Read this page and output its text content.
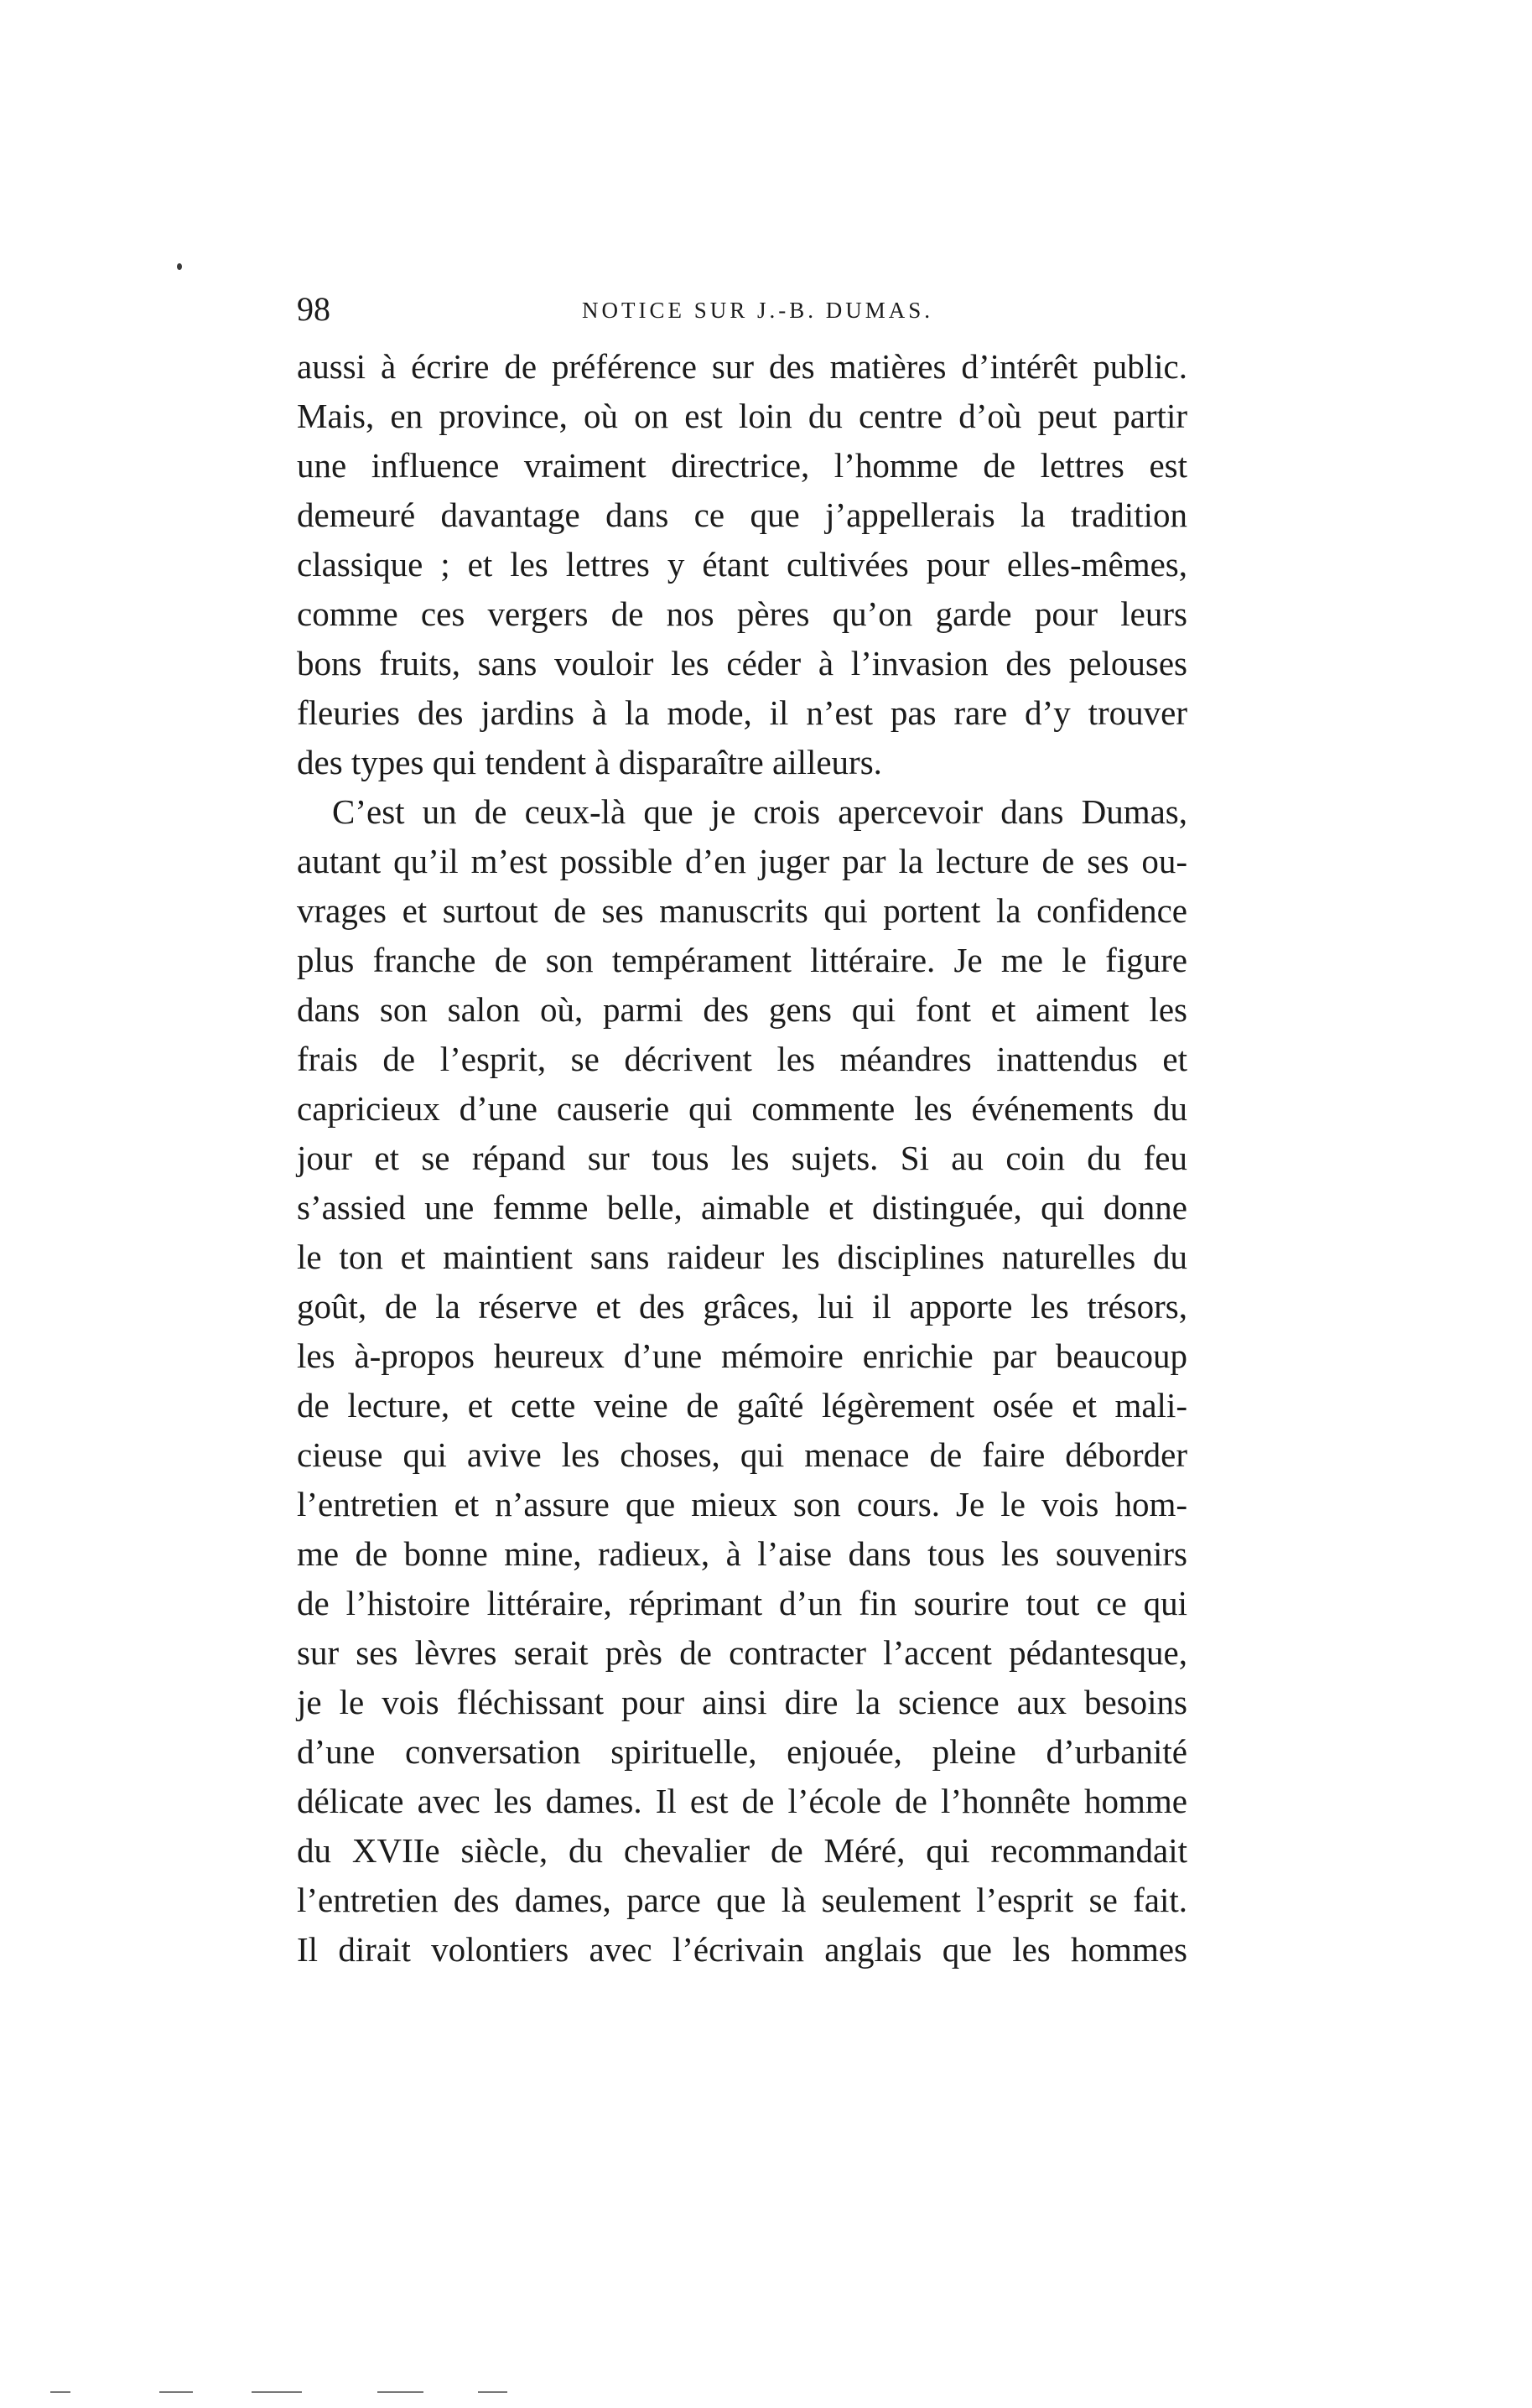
98	NOTICE SUR J.-B. DUMAS.
aussi à écrire de préférence sur des matières d’intérêt public.
Mais, en province, où on est loin du centre d’où peut partir
une influence vraiment directrice, l’homme de lettres est
demeuré davantage dans ce que j’appellerais la tradition
classique ; et les lettres y étant cultivées pour elles-mêmes,
comme ces vergers de nos pères qu’on garde pour leurs
bons fruits, sans vouloir les céder à l’invasion des pelouses
fleuries des jardins à la mode, il n’est pas rare d’y trouver
des types qui tendent à disparaître ailleurs.
C’est un de ceux-là que je crois apercevoir dans Dumas,
autant qu’il m’est possible d’en juger par la lecture de ses ou-
vrages et surtout de ses manuscrits qui portent la confidence
plus franche de son tempérament littéraire. Je me le figure
dans son salon où, parmi des gens qui font et aiment les
frais de l’esprit, se décrivent les méandres inattendus et
capricieux d’une causerie qui commente les événements du
jour et se répand sur tous les sujets. Si au coin du feu
s’assied une femme belle, aimable et distinguée, qui donne
le ton et maintient sans raideur les disciplines naturelles du
goût, de la réserve et des grâces, lui il apporte les trésors,
les à-propos heureux d’une mémoire enrichie par beaucoup
de lecture, et cette veine de gaîté légèrement osée et mali-
cieuse qui avive les choses, qui menace de faire déborder
l’entretien et n’assure que mieux son cours. Je le vois hom-
me de bonne mine, radieux, à l’aise dans tous les souvenirs
de l’histoire littéraire, réprimant d’un fin sourire tout ce qui
sur ses lèvres serait près de contracter l’accent pédantesque,
je le vois fléchissant pour ainsi dire la science aux besoins
d’une conversation spirituelle, enjouée, pleine d’urbanité
délicate avec les dames. Il est de l’école de l’honnête homme
du XVIIe siècle, du chevalier de Méré, qui recommandait
l’entretien des dames, parce que là seulement l’esprit se fait.
Il dirait volontiers avec l’écrivain anglais que les hommes
